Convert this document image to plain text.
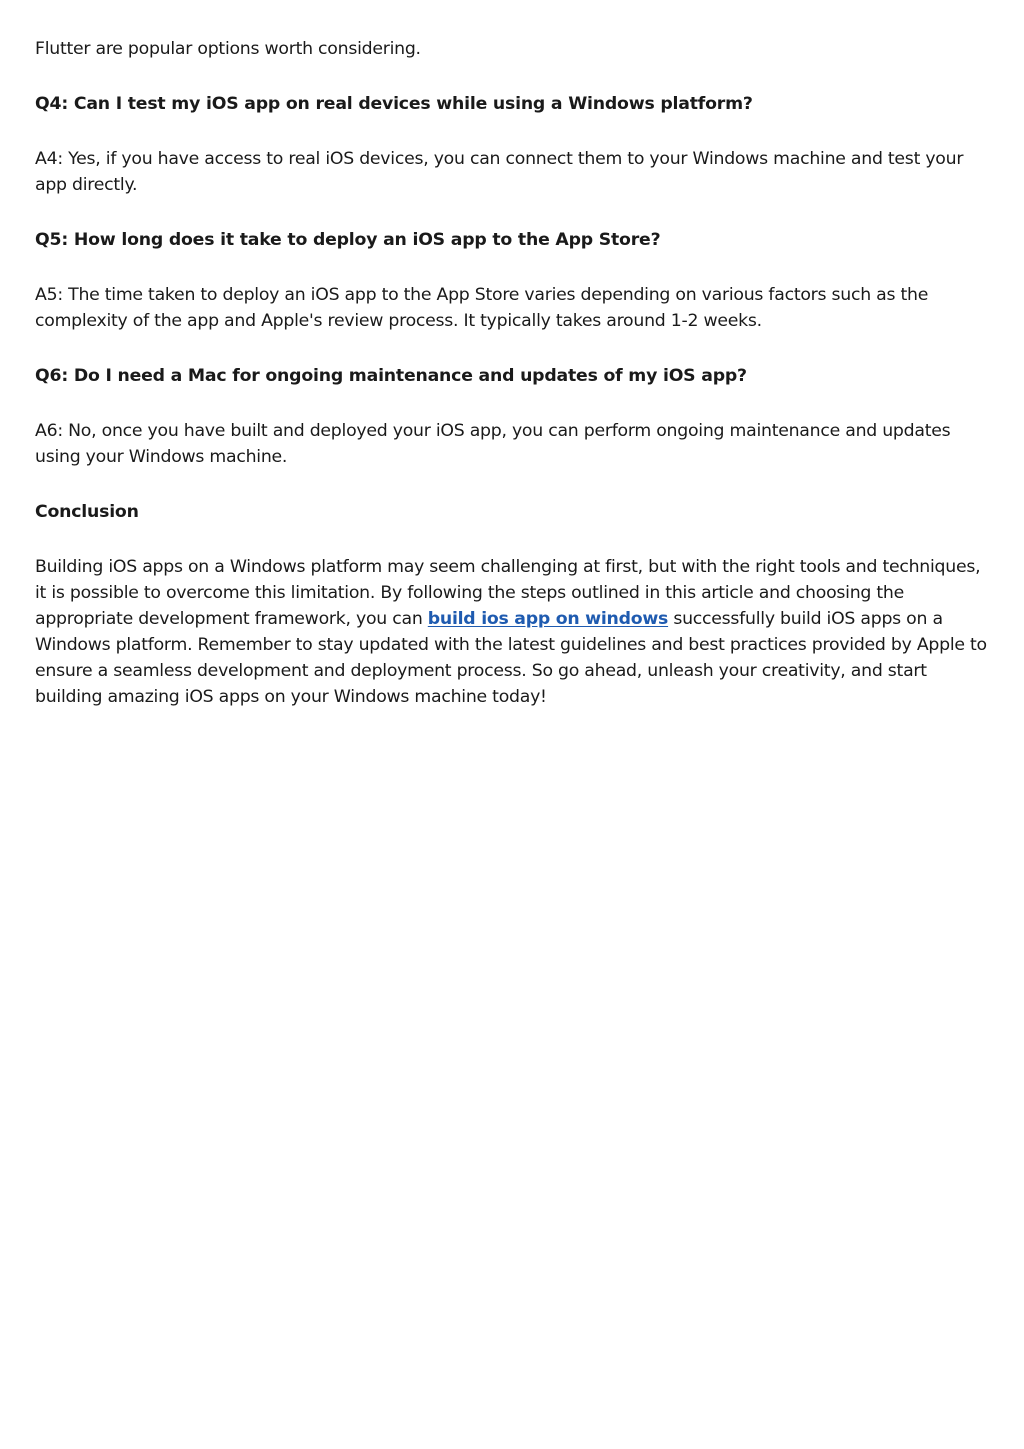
Flutter are popular options worth considering.

Q4: Can I test my iOS app on real devices while using a Windows platform?

A4: Yes, if you have access to real iOS devices, you can connect them to your Windows machine and test your app directly.

Q5: How long does it take to deploy an iOS app to the App Store?

A5: The time taken to deploy an iOS app to the App Store varies depending on various factors such as the complexity of the app and Apple's review process. It typically takes around 1-2 weeks.

Q6: Do I need a Mac for ongoing maintenance and updates of my iOS app?

A6: No, once you have built and deployed your iOS app, you can perform ongoing maintenance and updates using your Windows machine.

Conclusion

Building iOS apps on a Windows platform may seem challenging at first, but with the right tools and techniques, it is possible to overcome this limitation. By following the steps outlined in this article and choosing the appropriate development framework, you can build ios app on windows successfully build iOS apps on a Windows platform. Remember to stay updated with the latest guidelines and best practices provided by Apple to ensure a seamless development and deployment process. So go ahead, unleash your creativity, and start building amazing iOS apps on your Windows machine today!
